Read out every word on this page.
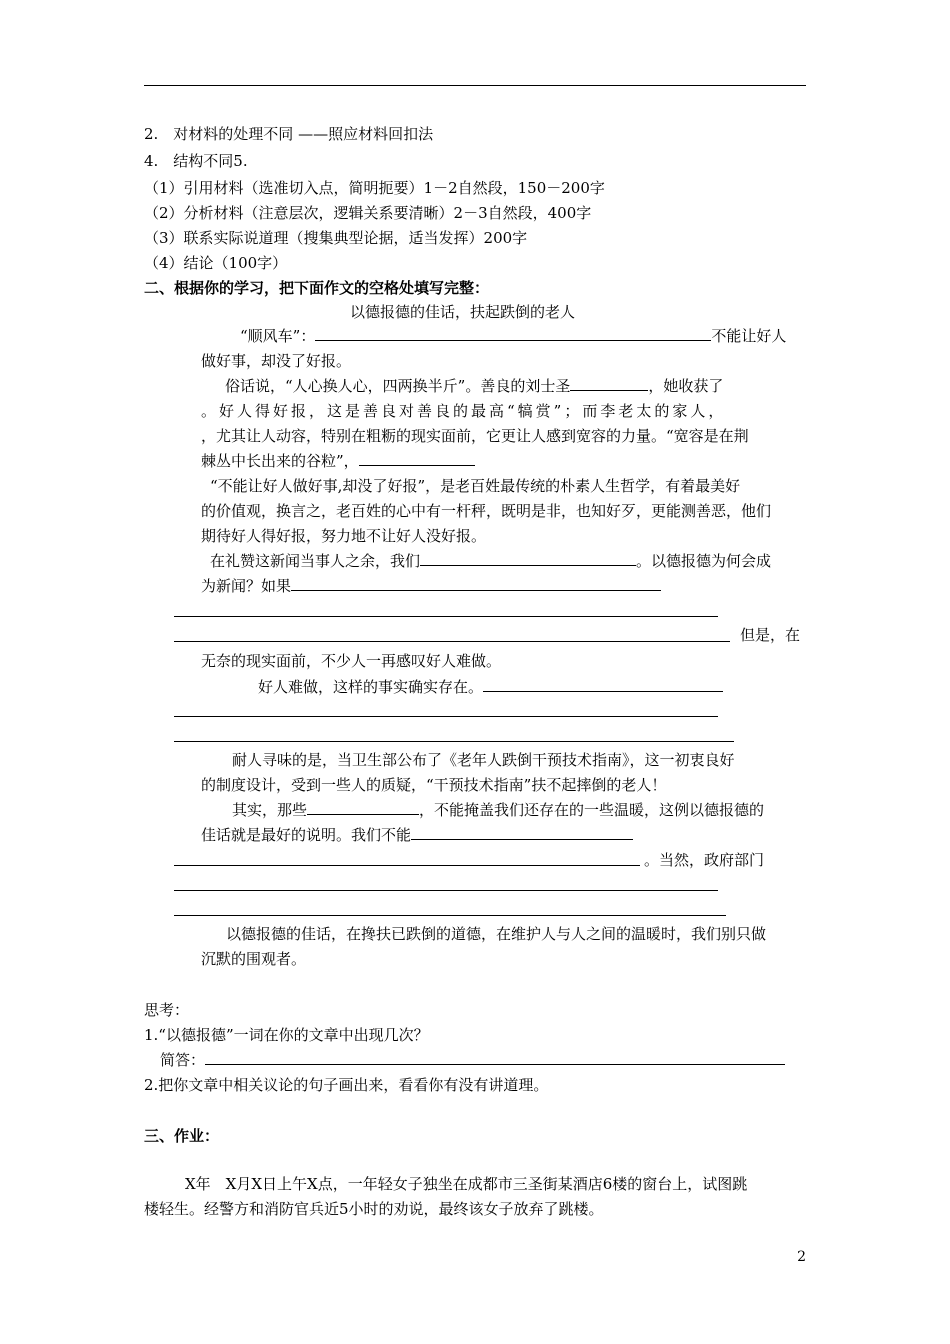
2.　对材料的处理不同 ——照应材料回扣法
4.　结构不同5.
（1）引用材料（选准切入点，简明扼要）1－2自然段，150－200字
（2）分析材料（注意层次，逻辑关系要清晰）2－3自然段，400字
（3）联系实际说道理（搜集典型论据，适当发挥）200字
（4）结论（100字）
二、根据你的学习，把下面作文的空格处填写完整：
以德报德的佳话，扶起跌倒的老人
“顺风车”：	不能让好人
做好事，却没了好报。
俗话说，“人心换人心，四两换半斤”。善良的刘士圣	，她收获了
。好人得好报，这是善良对善良的最高“犒赏”；而李老太的家人，
，尤其让人动容，特别在粗粝的现实面前，它更让人感到宽容的力量。“宽容是在荆
棘丛中长出来的谷粒”，
“不能让好人做好事,却没了好报”，是老百姓最传统的朴素人生哲学，有着最美好
的价值观，换言之，老百姓的心中有一杆秤，既明是非，也知好歹，更能测善恶，他们
期待好人得好报，努力地不让好人没好报。
在礼赞这新闻当事人之余，我们	。以德报德为何会成
为新闻？如果
但是，在
无奈的现实面前，不少人一再感叹好人难做。
好人难做，这样的事实确实存在。
耐人寻味的是，当卫生部公布了《老年人跌倒干预技术指南》，这一初衷良好
的制度设计，受到一些人的质疑，“干预技术指南”扶不起摔倒的老人！
其实，那些	，不能掩盖我们还存在的一些温暖，这例以德报德的
佳话就是最好的说明。我们不能
。当然，政府部门
以德报德的佳话，在搀扶已跌倒的道德，在维护人与人之间的温暖时，我们别只做
沉默的围观者。
思考：
1.“以德报德”一词在你的文章中出现几次？
简答：
2.把你文章中相关议论的句子画出来，看看你有没有讲道理。
三、作业：
X年　X月X日上午X点，一年轻女子独坐在成都市三圣街某酒店6楼的窗台上，试图跳
楼轻生。经警方和消防官兵近5小时的劝说，最终该女子放弃了跳楼。
2
